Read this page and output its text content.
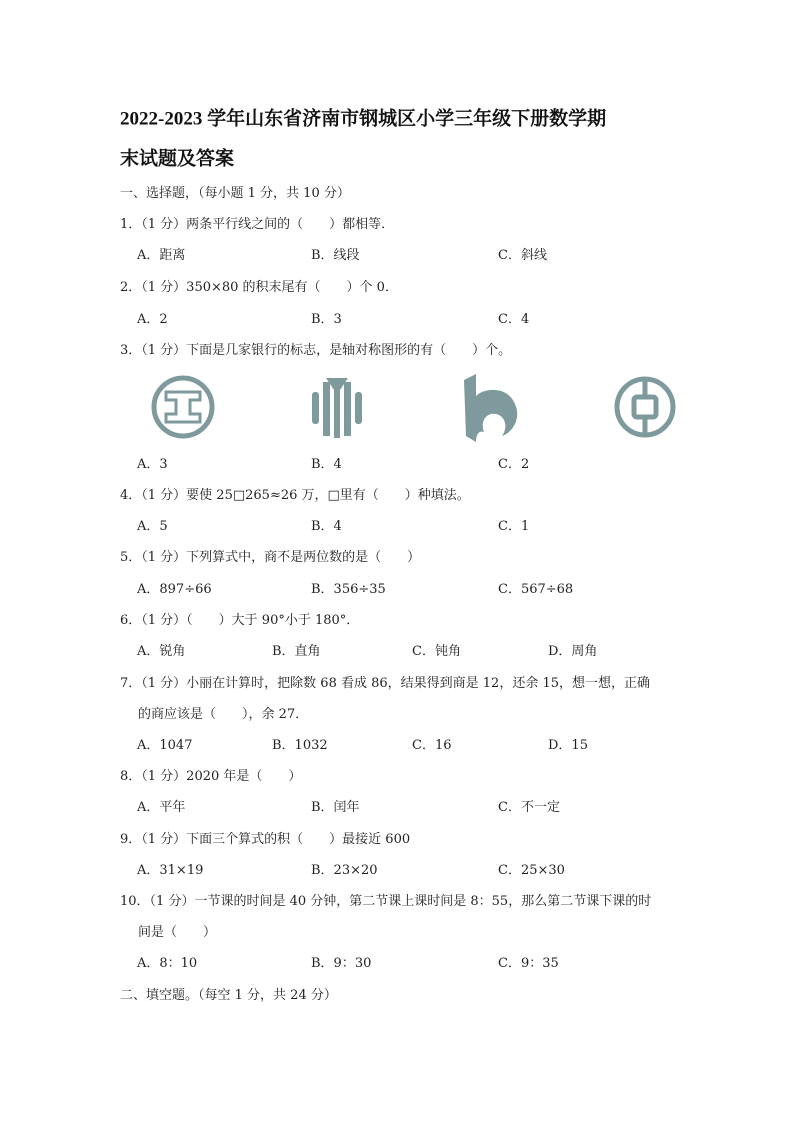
2022-2023 学年山东省济南市钢城区小学三年级下册数学期
末试题及答案
一、选择题，（每小题 1 分，共 10 分）
1．（1 分）两条平行线之间的（　　）都相等．
A．距离	B．线段	C．斜线
2．（1 分）350×80 的积末尾有（　　）个 0．
A．2	B．3	C．4
3．（1 分）下面是几家银行的标志，是轴对称图形的有（　　）个。
A．3	B．4	C．2
4．（1 分）要使 25□265≈26 万，□里有（　　）种填法。
A．5	B．4	C．1
5．（1 分）下列算式中，商不是两位数的是（　　）
A．897÷66	B．356÷35	C．567÷68
6．（1 分）（　　）大于 90°小于 180°．
A．锐角	B．直角	C．钝角	D．周角
7．（1 分）小丽在计算时，把除数 68 看成 86，结果得到商是 12，还余 15，想一想，正确
的商应该是（　　），余 27．
A．1047	B．1032	C．16	D．15
8．（1 分）2020 年是（　　）
A．平年	B．闰年	C．不一定
9．（1 分）下面三个算式的积（　　）最接近 600
A．31×19	B．23×20	C．25×30
10．（1 分）一节课的时间是 40 分钟，第二节课上课时间是 8：55，那么第二节课下课的时
间是（　　）
A．8：10	B．9：30	C．9：35
二、填空题。（每空 1 分，共 24 分）
